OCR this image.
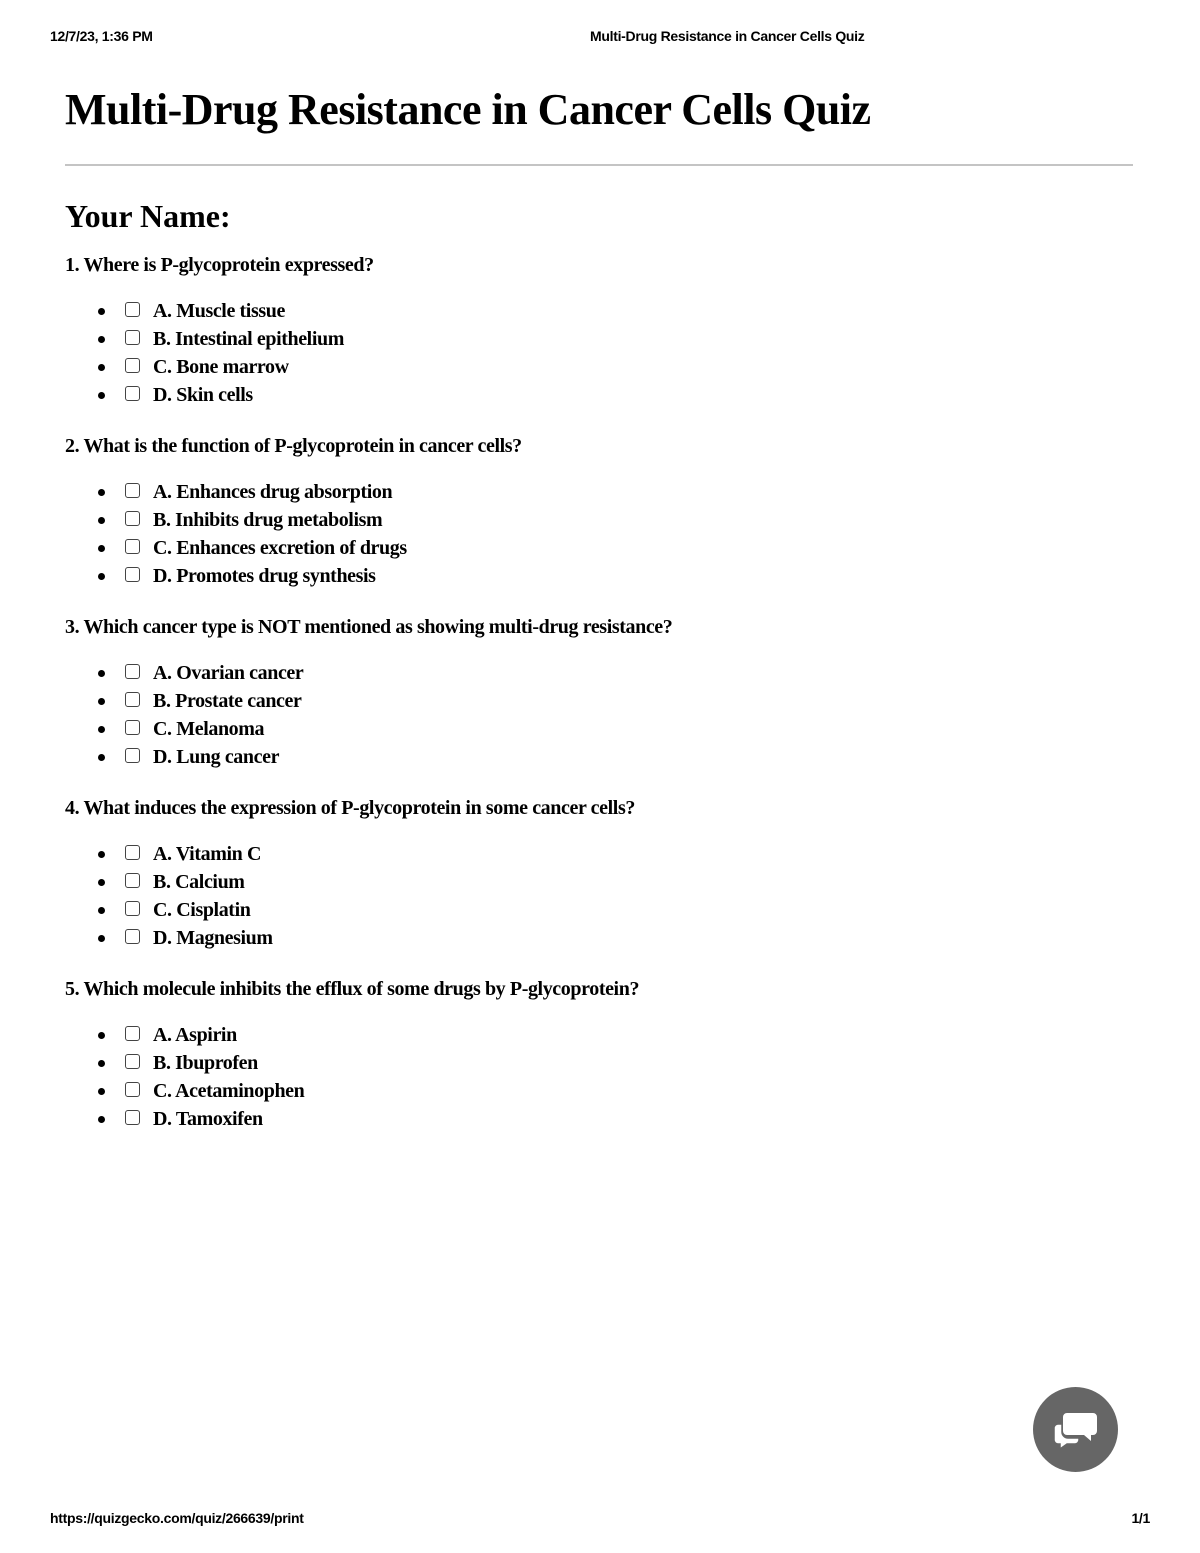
12/7/23, 1:36 PM	Multi-Drug Resistance in Cancer Cells Quiz
Multi-Drug Resistance in Cancer Cells Quiz
Your Name:
1. Where is P-glycoprotein expressed?
A. Muscle tissue
B. Intestinal epithelium
C. Bone marrow
D. Skin cells
2. What is the function of P-glycoprotein in cancer cells?
A. Enhances drug absorption
B. Inhibits drug metabolism
C. Enhances excretion of drugs
D. Promotes drug synthesis
3. Which cancer type is NOT mentioned as showing multi-drug resistance?
A. Ovarian cancer
B. Prostate cancer
C. Melanoma
D. Lung cancer
4. What induces the expression of P-glycoprotein in some cancer cells?
A. Vitamin C
B. Calcium
C. Cisplatin
D. Magnesium
5. Which molecule inhibits the efflux of some drugs by P-glycoprotein?
A. Aspirin
B. Ibuprofen
C. Acetaminophen
D. Tamoxifen
https://quizgecko.com/quiz/266639/print	1/1
